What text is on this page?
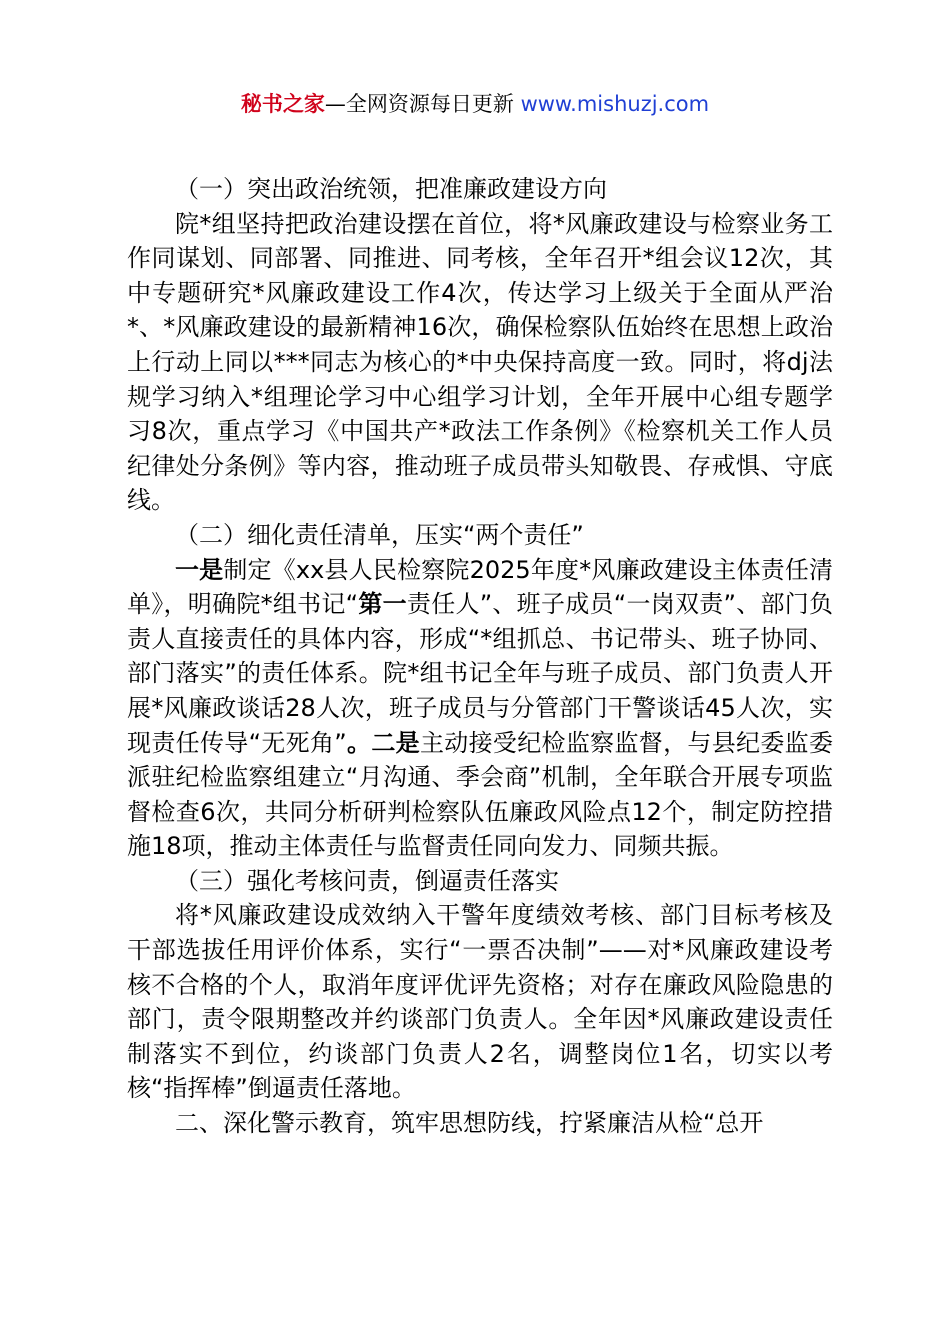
秘书之家—全网资源每日更新 www.mishuzj.com

（一）突出政治统领，把准廉政建设方向

院*组坚持把政治建设摆在首位，将*风廉政建设与检察业务工作同谋划、同部署、同推进、同考核，全年召开*组会议12次，其中专题研究*风廉政建设工作4次，传达学习上级关于全面从严治*、*风廉政建设的最新精神16次，确保检察队伍始终在思想上政治上行动上同以***同志为核心的*中央保持高度一致。同时，将dj法规学习纳入*组理论学习中心组学习计划，全年开展中心组专题学习8次，重点学习《中国共产*政法工作条例》《检察机关工作人员纪律处分条例》等内容，推动班子成员带头知敬畏、存戒惧、守底线。

（二）细化责任清单，压实“两个责任”

一是制定《xx县人民检察院2025年度*风廉政建设主体责任清单》，明确院*组书记“第一责任人”、班子成员“一岗双责”、部门负责人直接责任的具体内容，形成“*组抓总、书记带头、班子协同、部门落实”的责任体系。院*组书记全年与班子成员、部门负责人开展*风廉政谈话28人次，班子成员与分管部门干警谈话45人次，实现责任传导“无死角”。二是主动接受纪检监察监督，与县纪委监委派驻纪检监察组建立“月沟通、季会商”机制，全年联合开展专项监督检查6次，共同分析研判检察队伍廉政风险点12个，制定防控措施18项，推动主体责任与监督责任同向发力、同频共振。

（三）强化考核问责，倒逼责任落实

将*风廉政建设成效纳入干警年度绩效考核、部门目标考核及干部选拔任用评价体系，实行“一票否决制”——对*风廉政建设考核不合格的个人，取消年度评优评先资格；对存在廉政风险隐患的部门，责令限期整改并约谈部门负责人。全年因*风廉政建设责任制落实不到位，约谈部门负责人2名，调整岗位1名，切实以考核“指挥棒”倒逼责任落地。

二、深化警示教育，筑牢思想防线，拧紧廉洁从检“总开
